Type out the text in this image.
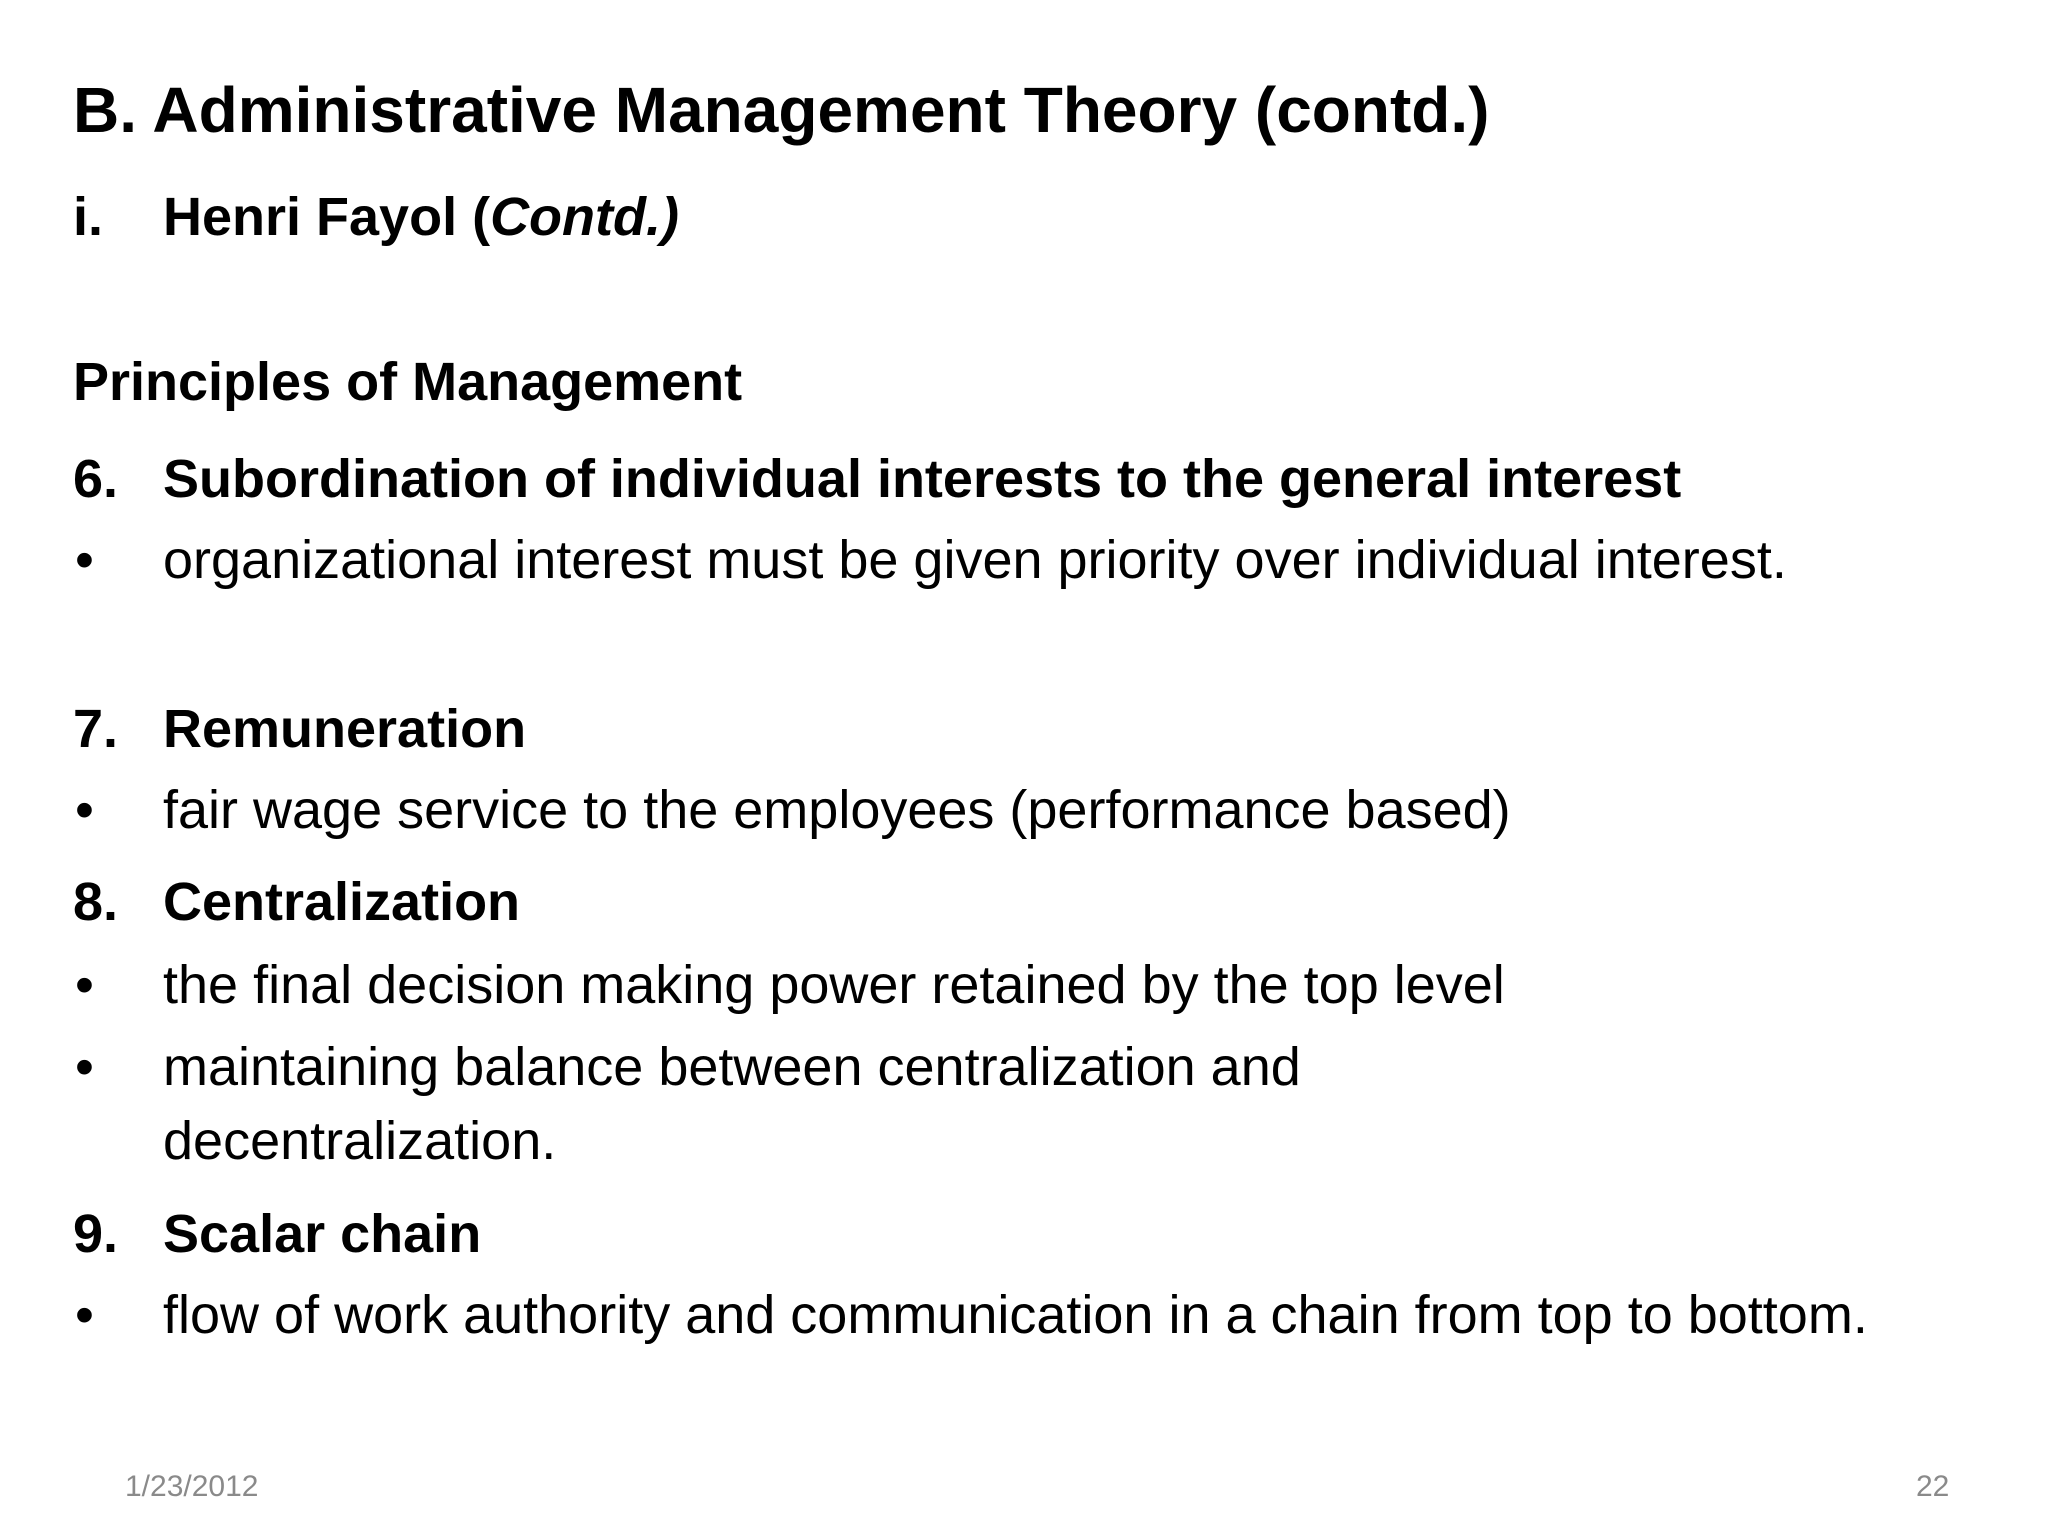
B. Administrative Management Theory (contd.)
i. Henri Fayol (Contd.)
Principles of Management
6. Subordination of individual interests to the general interest
•	organizational interest must be given priority over individual interest.
7. Remuneration
•	fair wage service to the employees (performance based)
8. Centralization
•	the final decision making power retained by the top level
•	maintaining balance between centralization and decentralization.
9. Scalar chain
•	flow of work authority and communication in a chain from top to bottom.
1/23/2012	22
